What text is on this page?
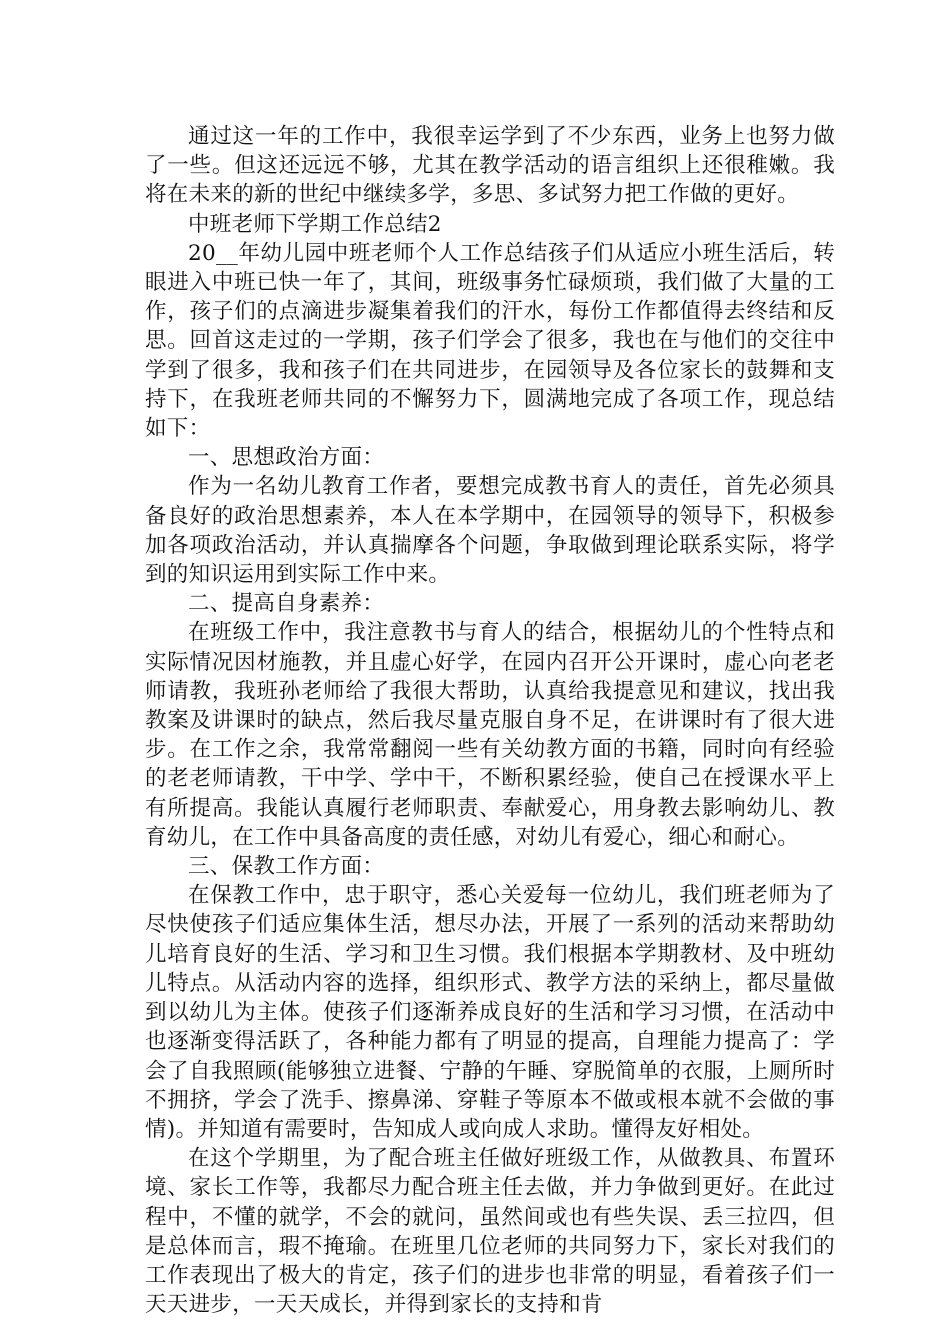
通过这一年的工作中，我很幸运学到了不少东西，业务上也努力做了一些。但这还远远不够，尤其在教学活动的语言组织上还很稚嫩。我将在未来的新的世纪中继续多学，多思、多试努力把工作做的更好。

中班老师下学期工作总结2

20__年幼儿园中班老师个人工作总结孩子们从适应小班生活后，转眼进入中班已快一年了，其间，班级事务忙碌烦琐，我们做了大量的工作，孩子们的点滴进步凝集着我们的汗水，每份工作都值得去终结和反思。回首这走过的一学期，孩子们学会了很多，我也在与他们的交往中学到了很多，我和孩子们在共同进步，在园领导及各位家长的鼓舞和支持下，在我班老师共同的不懈努力下，圆满地完成了各项工作，现总结如下：

一、思想政治方面：

作为一名幼儿教育工作者，要想完成教书育人的责任，首先必须具备良好的政治思想素养，本人在本学期中，在园领导的领导下，积极参加各项政治活动，并认真揣摩各个问题，争取做到理论联系实际，将学到的知识运用到实际工作中来。

二、提高自身素养：

在班级工作中，我注意教书与育人的结合，根据幼儿的个性特点和实际情况因材施教，并且虚心好学，在园内召开公开课时，虚心向老老师请教，我班孙老师给了我很大帮助，认真给我提意见和建议，找出我教案及讲课时的缺点，然后我尽量克服自身不足，在讲课时有了很大进步。在工作之余，我常常翻阅一些有关幼教方面的书籍，同时向有经验的老老师请教，干中学、学中干，不断积累经验，使自己在授课水平上有所提高。我能认真履行老师职责、奉献爱心，用身教去影响幼儿、教育幼儿，在工作中具备高度的责任感，对幼儿有爱心，细心和耐心。

三、保教工作方面：

在保教工作中，忠于职守，悉心关爱每一位幼儿，我们班老师为了尽快使孩子们适应集体生活，想尽办法，开展了一系列的活动来帮助幼儿培育良好的生活、学习和卫生习惯。我们根据本学期教材、及中班幼儿特点。从活动内容的选择，组织形式、教学方法的采纳上，都尽量做到以幼儿为主体。使孩子们逐渐养成良好的生活和学习习惯，在活动中也逐渐变得活跃了，各种能力都有了明显的提高，自理能力提高了：学会了自我照顾(能够独立进餐、宁静的午睡、穿脱简单的衣服，上厕所时不拥挤，学会了洗手、擦鼻涕、穿鞋子等原本不做或根本就不会做的事情)。并知道有需要时，告知成人或向成人求助。懂得友好相处。

在这个学期里，为了配合班主任做好班级工作，从做教具、布置环境、家长工作等，我都尽力配合班主任去做，并力争做到更好。在此过程中，不懂的就学，不会的就问，虽然间或也有些失误、丢三拉四，但是总体而言，瑕不掩瑜。在班里几位老师的共同努力下，家长对我们的工作表现出了极大的肯定，孩子们的进步也非常的明显，看着孩子们一天天进步，一天天成长，并得到家长的支持和肯
